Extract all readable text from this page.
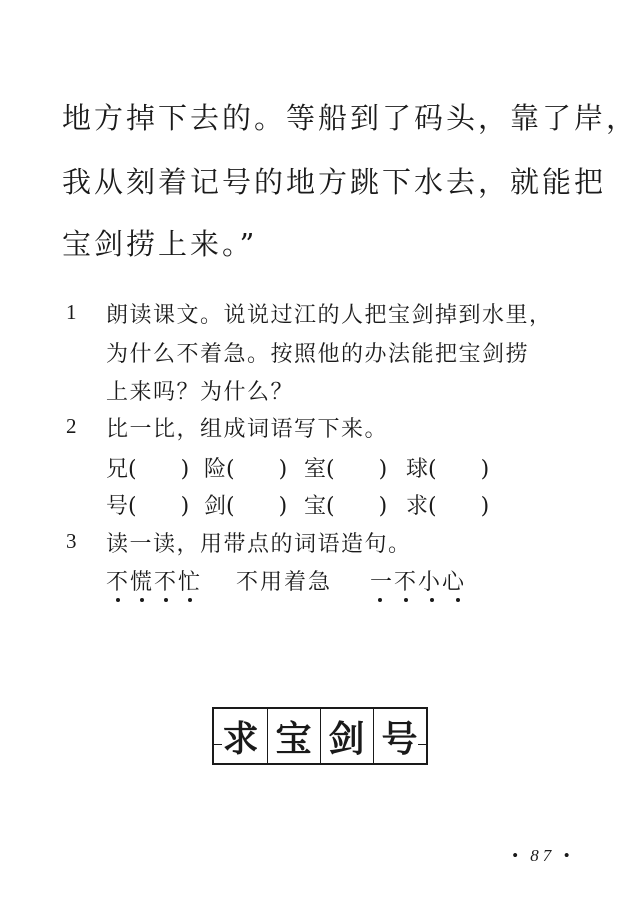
地方掉下去的。等船到了码头，靠了岸，
我从刻着记号的地方跳下水去，就能把
宝剑捞上来。”
1 朗读课文。说说过江的人把宝剑掉到水里，
为什么不着急。按照他的办法能把宝剑捞
上来吗？为什么？
2 比一比，组成词语写下来。
兄( ) 险( ) 室( ) 球( )
号( ) 剑( ) 宝( ) 求( )
3 读一读，用带点的词语造句。
不慌不忙 不用着急 一不小心
求 宝 剑 号
• 87 •
